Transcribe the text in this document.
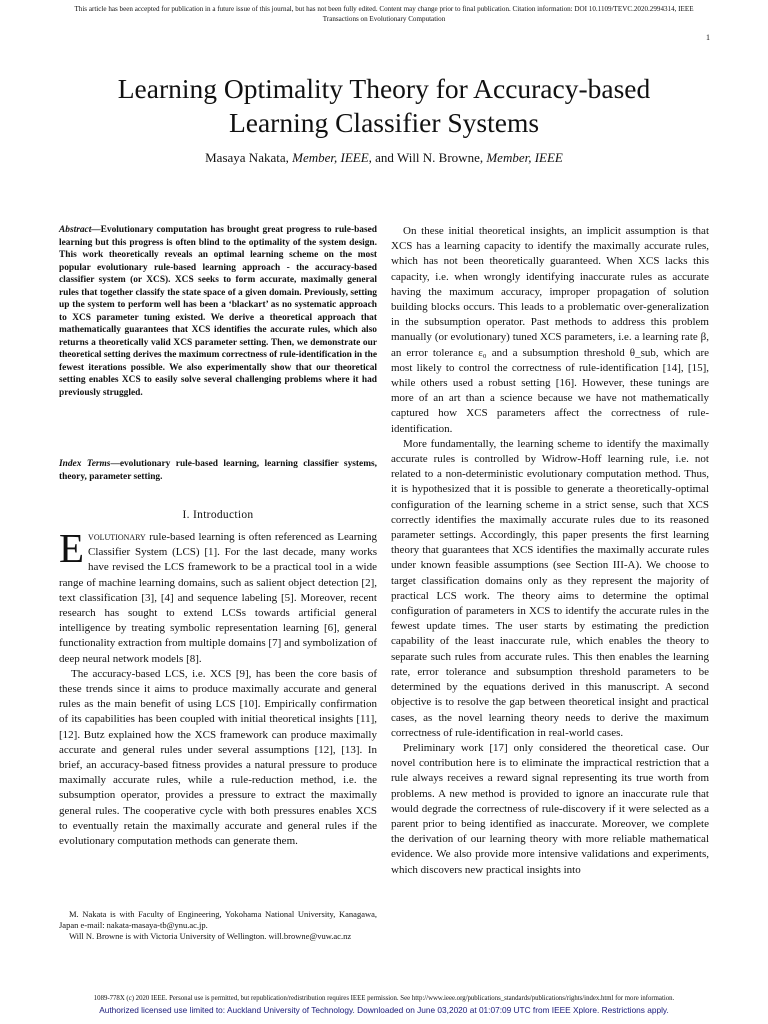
This article has been accepted for publication in a future issue of this journal, but has not been fully edited. Content may change prior to final publication. Citation information: DOI 10.1109/TEVC.2020.2994314, IEEE
Transactions on Evolutionary Computation
1
Learning Optimality Theory for Accuracy-based
Learning Classifier Systems
Masaya Nakata, Member, IEEE, and Will N. Browne, Member, IEEE
Abstract—Evolutionary computation has brought great progress to rule-based learning but this progress is often blind to the optimality of the system design. This work theoretically reveals an optimal learning scheme on the most popular evolutionary rule-based learning approach - the accuracy-based classifier system (or XCS). XCS seeks to form accurate, maximally general rules that together classify the state space of a given domain. Previously, setting up the system to perform well has been a ‘blackart’ as no systematic approach to XCS parameter tuning existed. We derive a theoretical approach that mathematically guarantees that XCS identifies the accurate rules, which also returns a theoretically valid XCS parameter setting. Then, we demonstrate our theoretical setting derives the maximum correctness of rule-identification in the fewest iterations possible. We also experimentally show that our theoretical setting enables XCS to easily solve several challenging problems where it had previously struggled.
Index Terms—evolutionary rule-based learning, learning classifier systems, theory, parameter setting.
I. Introduction

Evolutionary rule-based learning is often referenced as Learning Classifier System (LCS) [1]. For the last decade, many works have revised the LCS framework to be a practical tool in a wide range of machine learning domains, such as salient object detection [2], text classification [3], [4] and sequence labeling [5]. Moreover, recent research has sought to extend LCSs towards artificial general intelligence by treating symbolic representation learning [6], general functionality extraction from multiple domains [7] and symbolization of deep neural network models [8].

The accuracy-based LCS, i.e. XCS [9], has been the core basis of these trends since it aims to produce maximally accurate and general rules as the main benefit of using LCS [10]. Empirically confirmation of its capabilities has been coupled with initial theoretical insights [11], [12]. Butz explained how the XCS framework can produce maximally accurate and general rules under several assumptions [12], [13]. In brief, an accuracy-based fitness provides a natural pressure to produce maximally accurate rules, while a rule-reduction method, i.e. the subsumption operator, provides a pressure to extract the maximally general rules. The cooperative cycle with both pressures enables XCS to eventually retain the maximally accurate and general rules if the evolutionary computation methods can generate them.

M. Nakata is with Faculty of Engineering, Yokohama National University, Kanagawa, Japan e-mail: nakata-masaya-tb@ynu.ac.jp.

Will N. Browne is with Victoria University of Wellington. will.browne@vuw.ac.nz

On these initial theoretical insights, an implicit assumption is that XCS has a learning capacity to identify the maximally accurate rules, which has not been theoretically guaranteed. When XCS lacks this capacity, i.e. when wrongly identifying inaccurate rules as accurate having the maximum accuracy, improper propagation of solution building blocks occurs. This leads to a problematic over-generalization in the subsumption operator. Past methods to address this problem manually (or evolutionary) tuned XCS parameters, i.e. a learning rate β, an error tolerance ε₀ and a subsumption threshold θ_sub, which are most likely to control the correctness of rule-identification [14], [15], while others used a robust setting [16]. However, these tunings are more of an art than a science because we have not mathematically captured how XCS parameters affect the correctness of rule-identification.

More fundamentally, the learning scheme to identify the maximally accurate rules is controlled by Widrow-Hoff learning rule, i.e. not related to a non-deterministic evolutionary computation method. Thus, it is hypothesized that it is possible to generate a theoretically-optimal configuration of the learning scheme in a strict sense, such that XCS correctly identifies the maximally accurate rules due to its reasoned parameter settings. Accordingly, this paper presents the first learning theory that guarantees that XCS identifies the maximally accurate rules under known feasible assumptions (see Section III-A). We choose to target classification domains only as they represent the majority of practical LCS work. The theory aims to determine the optimal configuration of parameters in XCS to identify the accurate rules in the fewest update times. The user starts by estimating the prediction capability of the least inaccurate rule, which enables the theory to separate such rules from accurate rules. This then enables the learning rate, error tolerance and subsumption threshold parameters to be determined by the equations derived in this manuscript. A second objective is to resolve the gap between theoretical insight and practical cases, as the novel learning theory needs to derive the maximum correctness of rule-identification in real-world cases.

Preliminary work [17] only considered the theoretical case. Our novel contribution here is to eliminate the impractical restriction that a rule always receives a reward signal representing its true worth from problems. A new method is provided to ignore an inaccurate rule that would degrade the correctness of rule-discovery if it were selected as a parent prior to being identified as inaccurate. Moreover, we complete the derivation of our learning theory with more reliable mathematical evidence. We also provide more intensive validations and experiments, which discovers new practical insights into

1089-778X (c) 2020 IEEE. Personal use is permitted, but republication/redistribution requires IEEE permission. See http://www.ieee.org/publications_standards/publications/rights/index.html for more information.
Authorized licensed use limited to: Auckland University of Technology. Downloaded on June 03,2020 at 01:07:09 UTC from IEEE Xplore. Restrictions apply.
